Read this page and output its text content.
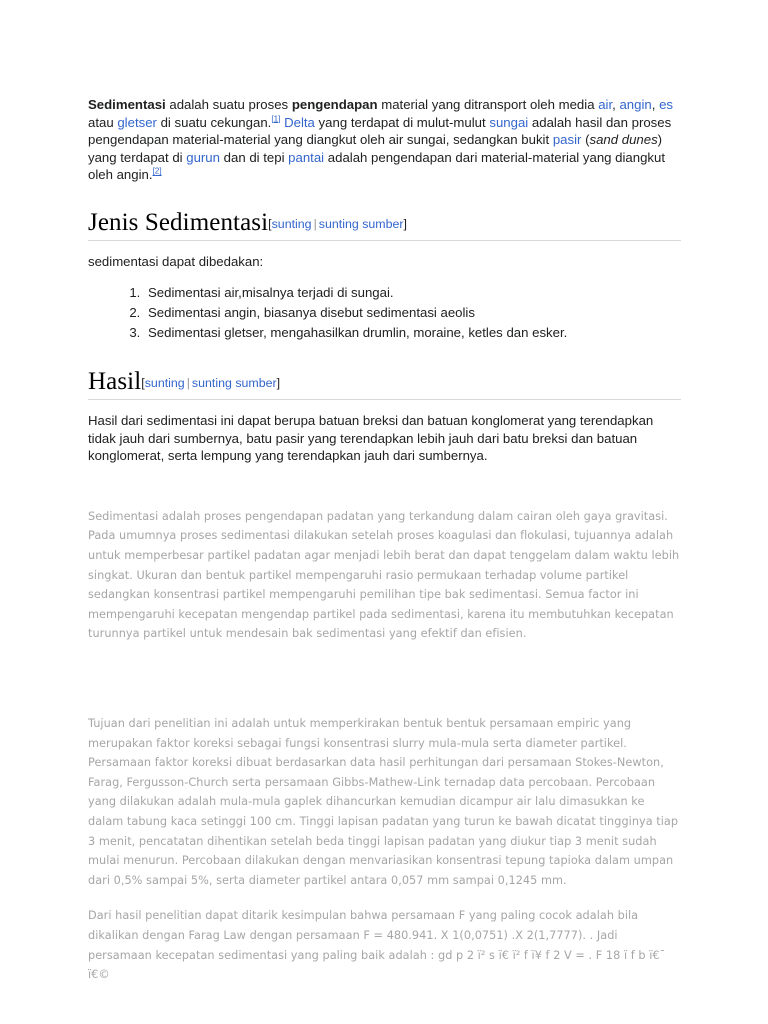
Sedimentasi adalah suatu proses pengendapan material yang ditransport oleh media air, angin, es atau gletser di suatu cekungan.[1] Delta yang terdapat di mulut-mulut sungai adalah hasil dan proses pengendapan material-material yang diangkut oleh air sungai, sedangkan bukit pasir (sand dunes) yang terdapat di gurun dan di tepi pantai adalah pengendapan dari material-material yang diangkut oleh angin.[2]

Jenis Sedimentasi[sunting | sunting sumber]

sedimentasi dapat dibedakan:

1. Sedimentasi air,misalnya terjadi di sungai.
2. Sedimentasi angin, biasanya disebut sedimentasi aeolis
3. Sedimentasi gletser, mengahasilkan drumlin, moraine, ketles dan esker.
Hasil[sunting | sunting sumber]

Hasil dari sedimentasi ini dapat berupa batuan breksi dan batuan konglomerat yang terendapkan tidak jauh dari sumbernya, batu pasir yang terendapkan lebih jauh dari batu breksi dan batuan konglomerat, serta lempung yang terendapkan jauh dari sumbernya.

Sedimentasi adalah proses pengendapan padatan yang terkandung dalam cairan oleh gaya gravitasi. Pada umumnya proses sedimentasi dilakukan setelah proses koagulasi dan flokulasi, tujuannya adalah untuk memperbesar partikel padatan agar menjadi lebih berat dan dapat tenggelam dalam waktu lebih singkat. Ukuran dan bentuk partikel mempengaruhi rasio permukaan terhadap volume partikel sedangkan konsentrasi partikel mempengaruhi pemilihan tipe bak sedimentasi. Semua factor ini mempengaruhi kecepatan mengendap partikel pada sedimentasi, karena itu membutuhkan kecepatan turunnya partikel untuk mendesain bak sedimentasi yang efektif dan efisien.

Tujuan dari penelitian ini adalah untuk memperkirakan bentuk bentuk persamaan empiric yang merupakan faktor koreksi sebagai fungsi konsentrasi slurry mula-mula serta diameter partikel. Persamaan faktor koreksi dibuat berdasarkan data hasil perhitungan dari persamaan Stokes-Newton, Farag, Fergusson-Church serta persamaan Gibbs-Mathew-Link ternadap data percobaan. Percobaan yang dilakukan adalah mula-mula gaplek dihancurkan kemudian dicampur air lalu dimasukkan ke dalam tabung kaca setinggi 100 cm. Tinggi lapisan padatan yang turun ke bawah dicatat tingginya tiap 3 menit, pencatatan dihentikan setelah beda tinggi lapisan padatan yang diukur tiap 3 menit sudah mulai menurun. Percobaan dilakukan dengan menvariasikan konsentrasi tepung tapioka dalam umpan dari 0,5% sampai 5%, serta diameter partikel antara 0,057 mm sampai 0,1245 mm.

Dari hasil penelitian dapat ditarik kesimpulan bahwa persamaan F yang paling cocok adalah bila dikalikan dengan Farag Law dengan persamaan F = 480.941. Χ 1(0,0751) .Χ 2(1,7777). . Jadi persamaan kecepatan sedimentasi yang paling baik adalah : gd p 2 ï² s ï€ ï² f ï¥ f 2 V = . F 18 ï f b ï€¯ ï€©
